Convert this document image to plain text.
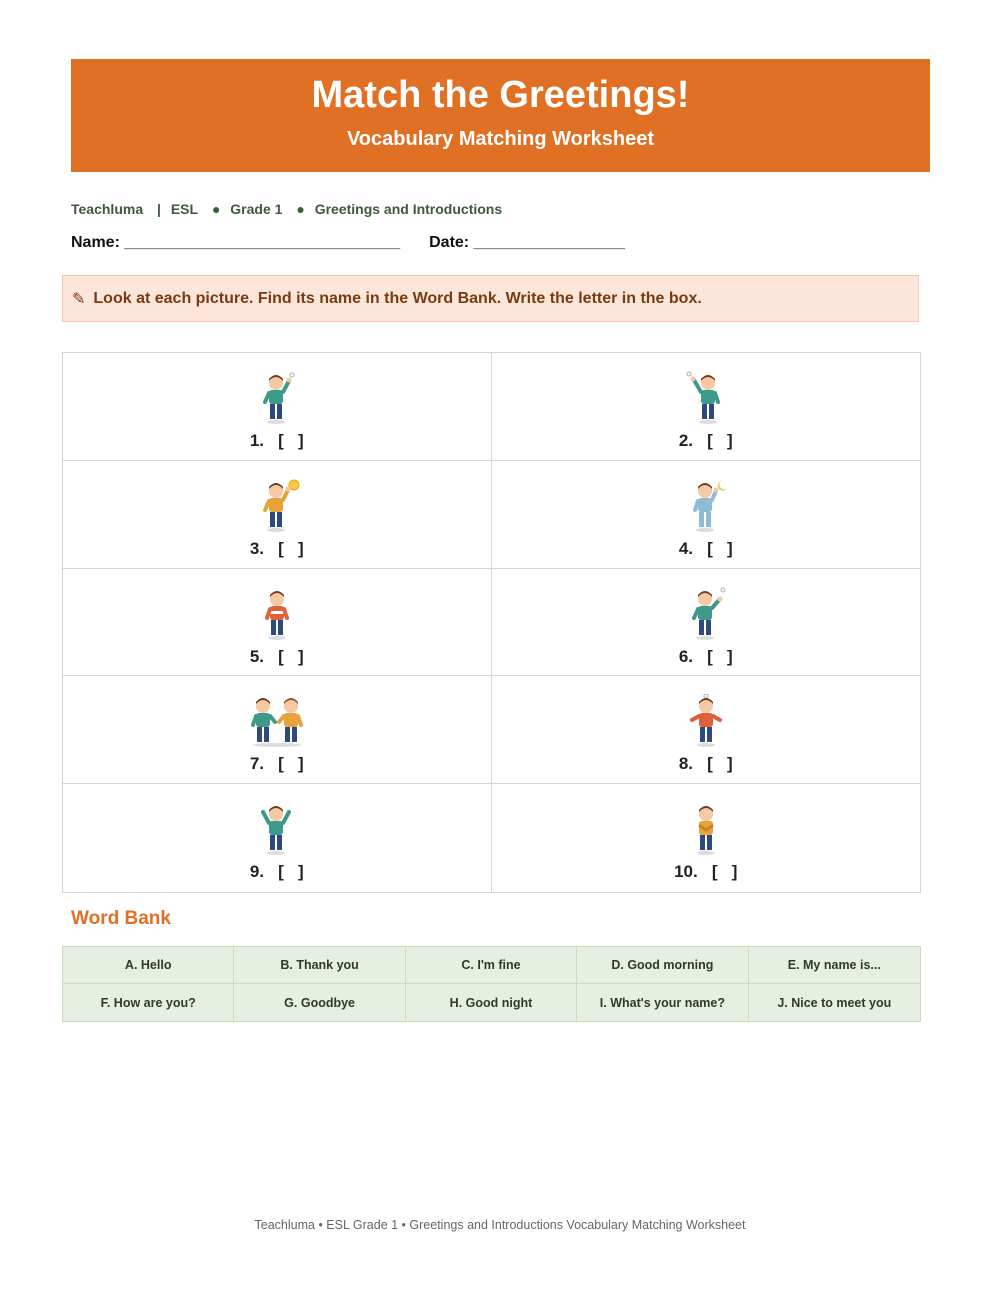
Match the Greetings!
Vocabulary Matching Worksheet
Teachluma | ESL ● Grade 1 ● Greetings and Introductions
Name: _______________________________ Date: _________________
✎ Look at each picture. Find its name in the Word Bank. Write the letter in the box.
1.   [   ]	2.   [   ]
3.   [   ]	4.   [   ]
5.   [   ]	6.   [   ]
7.   [   ]	8.   [   ]
9.   [   ]	10.   [   ]
Word Bank
A. Hello	B. Thank you	C. I'm fine	D. Good morning	E. My name is...
F. How are you?	G. Goodbye	H. Good night	I. What's your name?	J. Nice to meet you
Teachluma • ESL Grade 1 • Greetings and Introductions Vocabulary Matching Worksheet
